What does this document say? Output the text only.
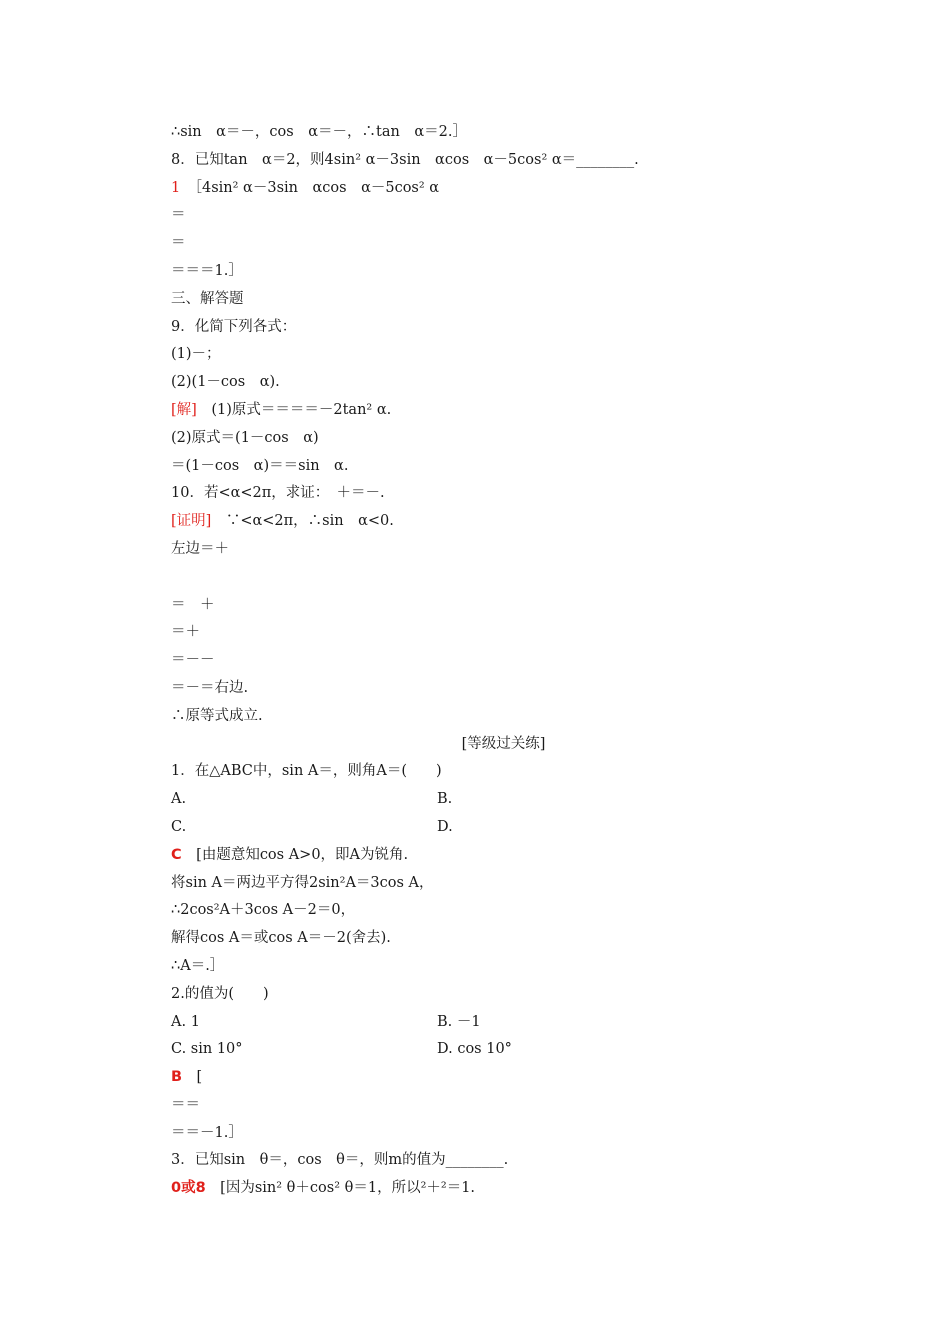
∴sin　α＝－，cos　α＝－，∴tan　α＝2.］
8．已知tan　α＝2，则4sin² α－3sin　αcos　α－5cos² α＝________.
1　［4sin² α－3sin　αcos　α－5cos² α
＝
＝
＝＝＝1.］
三、解答题
9．化简下列各式：
(1)－；
(2)(1－cos　α).
[解]　(1)原式＝＝＝＝－2tan² α.
(2)原式＝(1－cos　α)
＝(1－cos　α)＝＝sin　α.
10．若<α<2π，求证：　＋＝－.
[证明]　∵<α<2π，∴sin　α<0.
左边＝＋
＝　＋
＝＋
＝－－
＝－＝右边.
∴原等式成立.
[等级过关练]
1．在△ABC中，sin A＝，则角A＝(　　)
A.	B.
C.	D.
C　[由题意知cos A>0，即A为锐角.
将sin A＝两边平方得2sin²A＝3cos A，
∴2cos²A＋3cos A－2＝0，
解得cos A＝或cos A＝－2(舍去).
∴A＝.］
2.的值为(　　)
A. 1	B. －1
C. sin 10°	D. cos 10°
B　[
＝＝
＝＝－1.］
3．已知sin　θ＝，cos　θ＝，则m的值为________.
0或8　[因为sin² θ＋cos² θ＝1，所以²＋²＝1.
